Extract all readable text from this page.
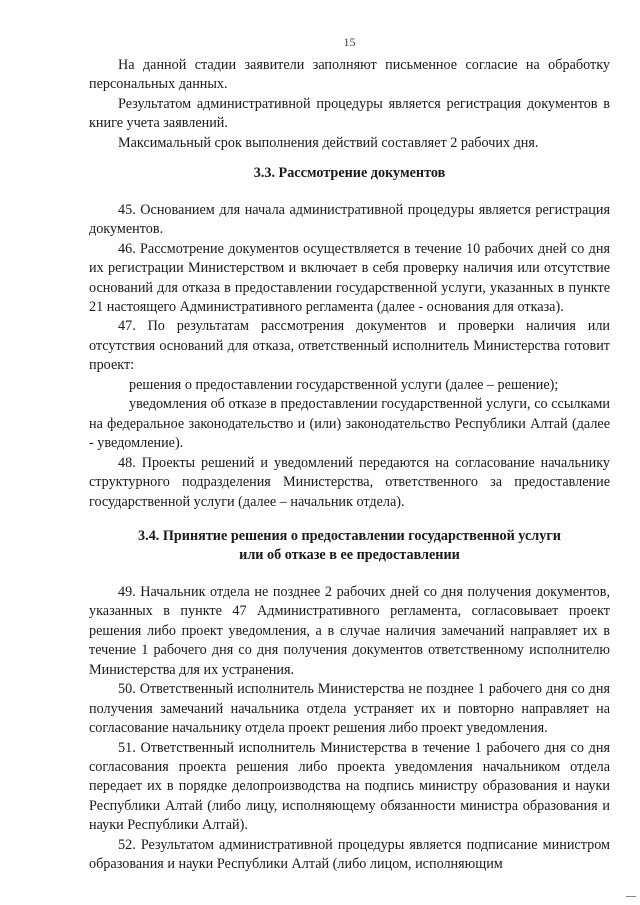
15

На данной стадии заявители заполняют письменное согласие на обработку персональных данных.

Результатом административной процедуры является регистрация документов в книге учета заявлений.

Максимальный срок выполнения действий составляет 2 рабочих дня.

3.3. Рассмотрение документов

45. Основанием для начала административной процедуры является регистрация документов.

46. Рассмотрение документов осуществляется в течение 10 рабочих дней со дня их регистрации Министерством и включает в себя проверку наличия или отсутствие оснований для отказа в предоставлении государственной услуги, указанных в пункте 21 настоящего Административного регламента (далее - основания для отказа).

47. По результатам рассмотрения документов и проверки наличия или отсутствия оснований для отказа, ответственный исполнитель Министерства готовит проект:

решения о предоставлении государственной услуги (далее – решение);

уведомления об отказе в предоставлении государственной услуги, со ссылками на федеральное законодательство и (или) законодательство Республики Алтай (далее - уведомление).

48. Проекты решений и уведомлений передаются на согласование начальнику структурного подразделения Министерства, ответственного за предоставление государственной услуги (далее – начальник отдела).

3.4. Принятие решения о предоставлении государственной услуги
или об отказе в ее предоставлении

49. Начальник отдела не позднее 2 рабочих дней со дня получения документов, указанных в пункте 47 Административного регламента, согласовывает проект решения либо проект уведомления, а в случае наличия замечаний направляет их в течение 1 рабочего дня со дня получения документов ответственному исполнителю Министерства для их устранения.

50. Ответственный исполнитель Министерства не позднее 1 рабочего дня со дня получения замечаний начальника отдела устраняет их и повторно направляет на согласование начальнику отдела проект решения либо проект уведомления.

51. Ответственный исполнитель Министерства в течение 1 рабочего дня со дня согласования проекта решения либо проекта уведомления начальником отдела передает их в порядке делопроизводства на подпись министру образования и науки Республики Алтай (либо лицу, исполняющему обязанности министра образования и науки Республики Алтай).

52. Результатом административной процедуры является подписание министром образования и науки Республики Алтай (либо лицом, исполняющим
